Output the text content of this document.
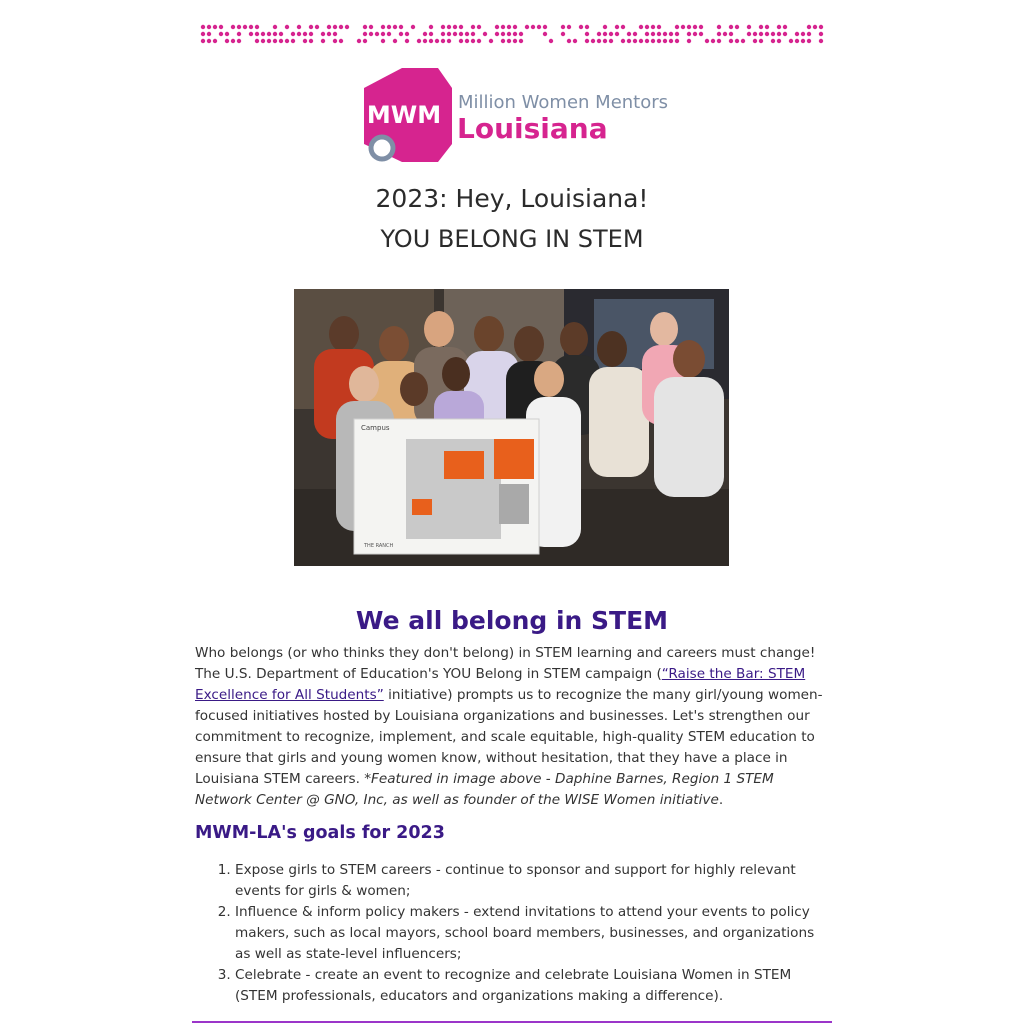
MWM Million Women Mentors
Louisiana
2023: Hey, Louisiana!
YOU BELONG IN STEM
Campus
THE RANCH
We all belong in STEM
Who belongs (or who thinks they don't belong) in STEM learning and careers must change! The U.S. Department of Education's YOU Belong in STEM campaign (“Raise the Bar: STEM Excellence for All Students” initiative) prompts us to recognize the many girl/young women-focused initiatives hosted by Louisiana organizations and businesses. Let's strengthen our commitment to recognize, implement, and scale equitable, high-quality STEM education to ensure that girls and young women know, without hesitation, that they have a place in Louisiana STEM careers. *Featured in image above - Daphine Barnes, Region 1 STEM Network Center @ GNO, Inc, as well as founder of the WISE Women initiative.
MWM-LA's goals for 2023
1. Expose girls to STEM careers - continue to sponsor and support for highly relevant events for girls & women;
2. Influence & inform policy makers - extend invitations to attend your events to policy makers, such as local mayors, school board members, businesses, and organizations as well as state-level influencers;
3. Celebrate - create an event to recognize and celebrate Louisiana Women in STEM (STEM professionals, educators and organizations making a difference).
